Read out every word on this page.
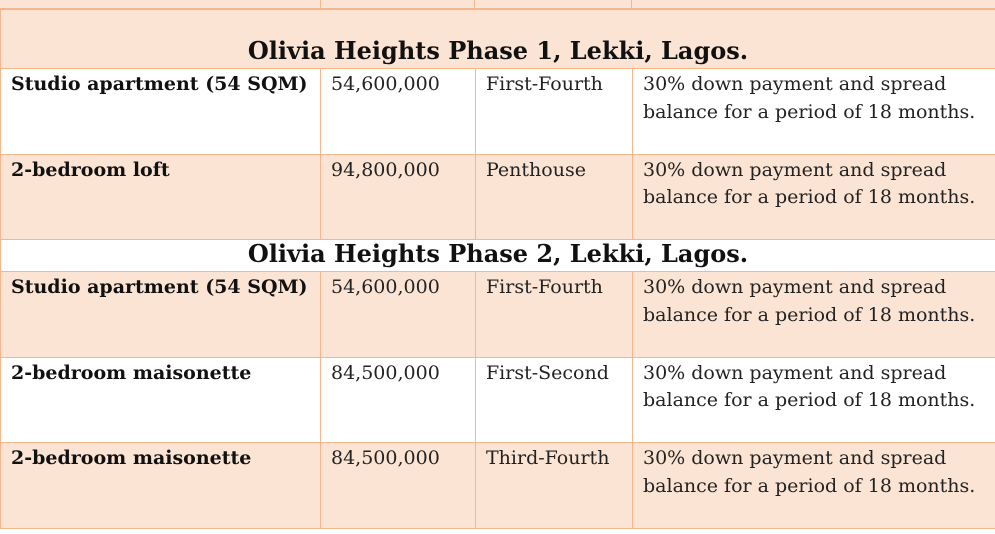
Olivia Heights Phase 1, Lekki, Lagos.			
Studio apartment (54 SQM)	54,600,000	First-Fourth	30% down payment and spread balance for a period of 18 months.
2-bedroom loft	94,800,000	Penthouse	30% down payment and spread balance for a period of 18 months.
Olivia Heights Phase 2, Lekki, Lagos.			
Studio apartment (54 SQM)	54,600,000	First-Fourth	30% down payment and spread balance for a period of 18 months.
2-bedroom maisonette	84,500,000	First-Second	30% down payment and spread balance for a period of 18 months.
2-bedroom maisonette	84,500,000	Third-Fourth	30% down payment and spread balance for a period of 18 months.
